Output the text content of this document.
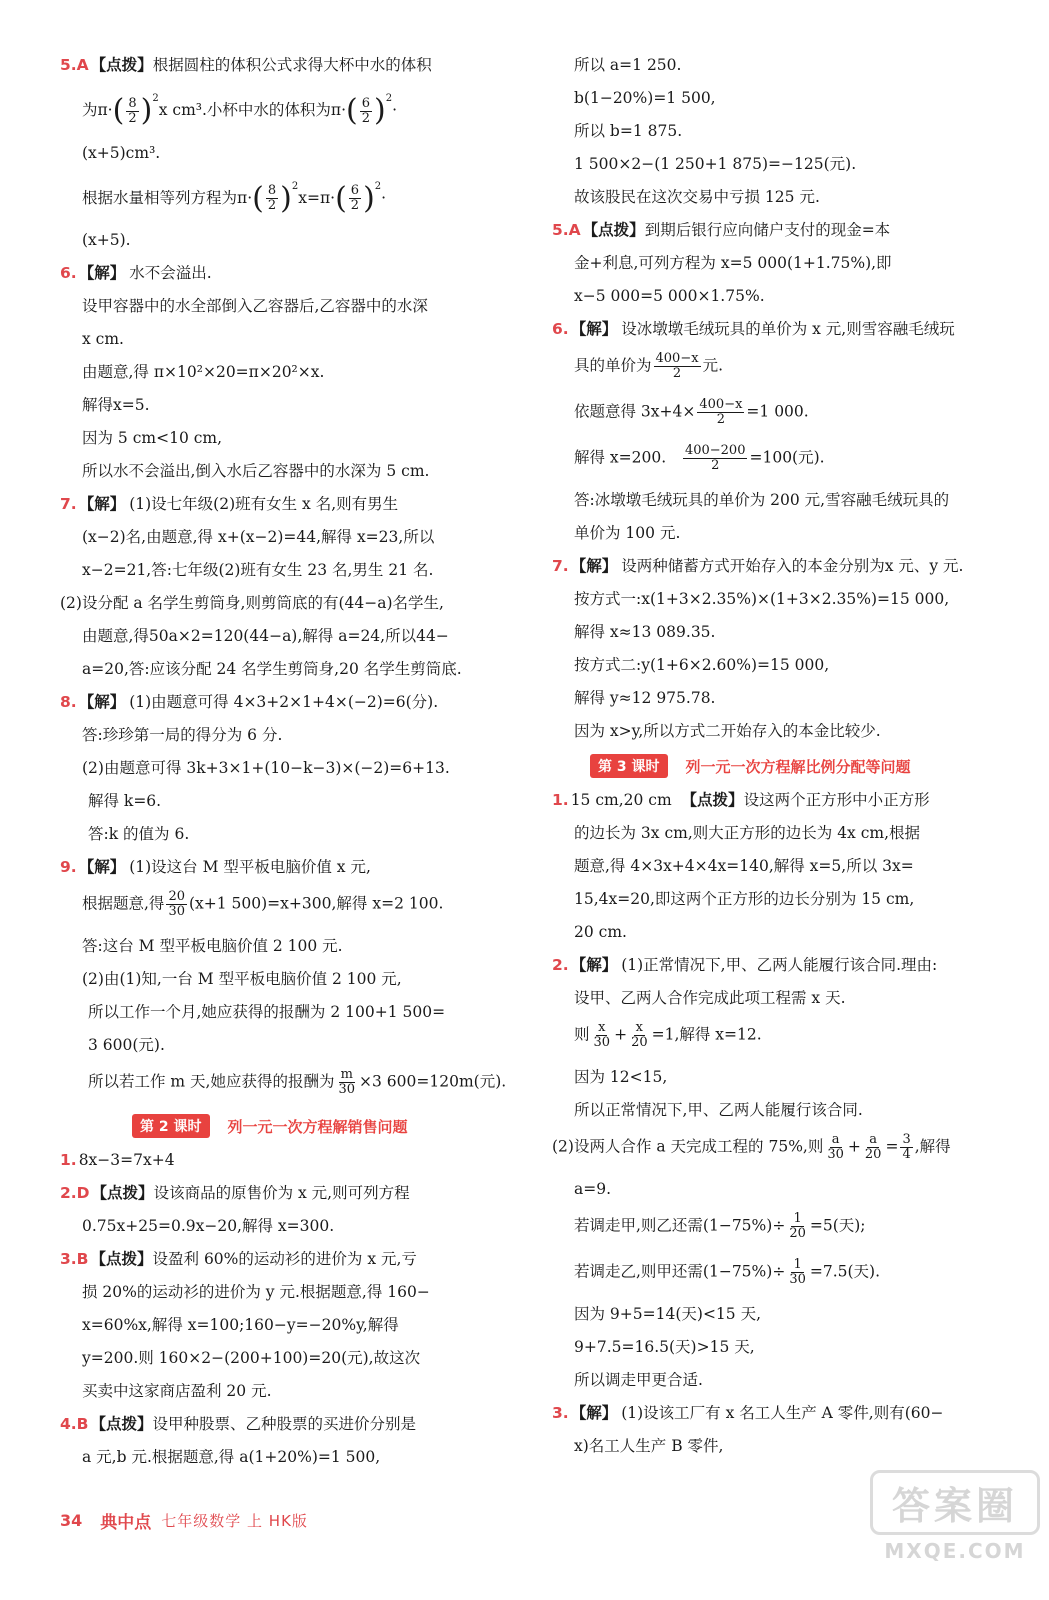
5.A 【点拨】根据圆柱的体积公式求得大杯中水的体积
为$\pi\cdot( \frac{8}{2} )^2x$ cm³.小杯中水的体积为$\pi\cdot( \frac{6}{2} )^2\cdot$
(x+5)cm³.
根据水量相等列方程为$\pi\cdot( \frac{8}{2} )^2x=\pi\cdot( \frac{6}{2} )^2\cdot$
(x+5).
6. 【解】 水不会溢出.
设甲容器中的水全部倒入乙容器后,乙容器中的水深
x cm.
由题意,得 π×10²×20=π×20²×x.
解得x=5.
因为 5 cm<10 cm,
所以水不会溢出,倒入水后乙容器中的水深为 5 cm.
7. 【解】 (1)设七年级(2)班有女生 x 名,则有男生
(x−2)名,由题意,得 x+(x−2)=44,解得 x=23,所以
x−2=21,答:七年级(2)班有女生 23 名,男生 21 名.
(2)设分配 a 名学生剪筒身,则剪筒底的有(44−a)名学生,
由题意,得50a×2=120(44−a),解得 a=24,所以44−
a=20,答:应该分配 24 名学生剪筒身,20 名学生剪筒底.
8. 【解】 (1)由题意可得 4×3+2×1+4×(−2)=6(分).
答:珍珍第一局的得分为 6 分.
(2)由题意可得 3k+3×1+(10−k−3)×(−2)=6+13.
解得 k=6.
答:k 的值为 6.
9. 【解】 (1)设这台 M 型平板电脑价值 x 元,
根据题意,得 $\frac{20}{30} (x+1$ 500)=x+300,解得 x=2 100.
答:这台 M 型平板电脑价值 2 100 元.
(2)由(1)知,一台 M 型平板电脑价值 2 100 元,
所以工作一个月,她应获得的报酬为 2 100+1 500=
3 600(元).
所以若工作 m 天,她应获得的报酬为 $\frac{m}{30} \times 3$ 600=120m(元).
第 2 课时	列一元一次方程解销售问题
1. 8x−3=7x+4
2.D 【点拨】设该商品的原售价为 x 元,则可列方程
0.75x+25=0.9x−20,解得 x=300.
3.B 【点拨】设盈利 60%的运动衫的进价为 x 元,亏
损 20%的运动衫的进价为 y 元.根据题意,得 160−
x=60%x,解得 x=100;160−y=−20%y,解得
y=200.则 160×2−(200+100)=20(元),故这次
买卖中这家商店盈利 20 元.
4.B 【点拨】设甲种股票、乙种股票的买进价分别是
a 元,b 元.根据题意,得 a(1+20%)=1 500,
所以 a=1 250.
b(1−20%)=1 500,
所以 b=1 875.
1 500×2−(1 250+1 875)=−125(元).
故该股民在这次交易中亏损 125 元.
5.A 【点拨】到期后银行应向储户支付的现金=本
金+利息,可列方程为 x=5 000(1+1.75%),即
x−5 000=5 000×1.75%.
6. 【解】 设冰墩墩毛绒玩具的单价为 x 元,则雪容融毛绒玩
具的单价为 $\frac{400-x}{2}$ 元.
依题意得 $3x+4\times \frac{400-x}{2} =1$ 000.
解得 x=200. $\frac{400-200}{2} =100$(元).
答:冰墩墩毛绒玩具的单价为 200 元,雪容融毛绒玩具的
单价为 100 元.
7. 【解】 设两种储蓄方式开始存入的本金分别为x 元、y 元.
按方式一:x(1+3×2.35%)×(1+3×2.35%)=15 000,
解得 x≈13 089.35.
按方式二:y(1+6×2.60%)=15 000,
解得 y≈12 975.78.
因为 x>y,所以方式二开始存入的本金比较少.
第 3 课时	列一元一次方程解比例分配等问题
1. 15 cm,20 cm 【点拨】设这两个正方形中小正方形
的边长为 3x cm,则大正方形的边长为 4x cm,根据
题意,得 4×3x+4×4x=140,解得 x=5,所以 3x=
15,4x=20,即这两个正方形的边长分别为 15 cm,
20 cm.
2. 【解】 (1)正常情况下,甲、乙两人能履行该合同.理由:
设甲、乙两人合作完成此项工程需 x 天.
则 $\frac{x}{30} + \frac{x}{20} =1$,解得 x=12.
因为 12<15,
所以正常情况下,甲、乙两人能履行该合同.
(2)设两人合作 a 天完成工程的 75%,则 $\frac{a}{30} + \frac{a}{20} = \frac{3}{4}$ ,解得
a=9.
若调走甲,则乙还需$(1-75\%)\div \frac{1}{20} =5$(天);
若调走乙,则甲还需$(1-75\%)\div \frac{1}{30} =7.5$(天).
因为 9+5=14(天)<15 天,
9+7.5=16.5(天)>15 天,
所以调走甲更合适.
3. 【解】 (1)设该工厂有 x 名工人生产 A 零件,则有(60−
x)名工人生产 B 零件,
34 典中点 七年级数学 上 HK版	答案圈
MXQE.COM
